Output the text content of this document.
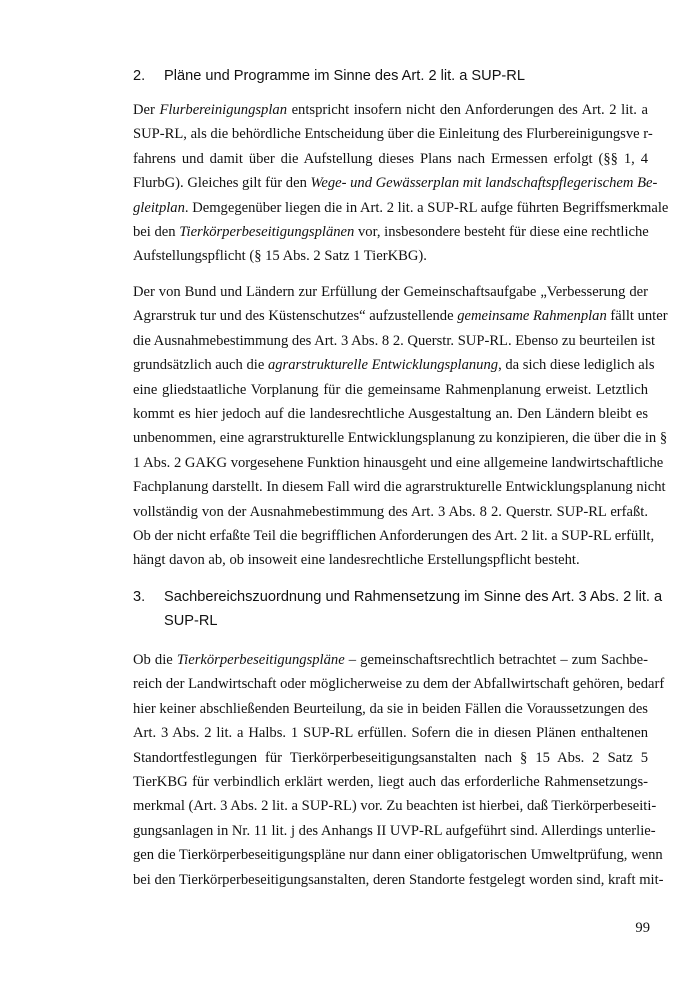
2. Pläne und Programme im Sinne des Art. 2 lit. a SUP-RL
Der Flurbereinigungsplan entspricht insofern nicht den Anforderungen des Art. 2 lit. a
SUP-RL, als die behördliche Entscheidung über die Einleitung des Flurbereinigungsve r-
fahrens und damit über die Aufstellung dieses Plans nach Ermessen erfolgt (§§ 1, 4
FlurbG). Gleiches gilt für den Wege- und Gewässerplan mit landschaftspflegerischem Be-
gleitplan. Demgegenüber liegen die in Art. 2 lit. a SUP-RL aufge führten Begriffsmerkmale
bei den Tierkörperbeseitigungsplänen vor, insbesondere besteht für diese eine rechtliche
Aufstellungspflicht (§ 15 Abs. 2 Satz 1 TierKBG).
Der von Bund und Ländern zur Erfüllung der Gemeinschaftsaufgabe „Verbesserung der
Agrarstruk tur und des Küstenschutzes“ aufzustellende gemeinsame Rahmenplan fällt unter
die Ausnahmebestimmung des Art. 3 Abs. 8 2. Querstr. SUP-RL. Ebenso zu beurteilen ist
grundsätzlich auch die agrarstrukturelle Entwicklungsplanung, da sich diese lediglich als
eine gliedstaatliche Vorplanung für die gemeinsame Rahmenplanung erweist. Letztlich
kommt es hier jedoch auf die landesrechtliche Ausgestaltung an. Den Ländern bleibt es
unbenommen, eine agrarstrukturelle Entwicklungsplanung zu konzipieren, die über die in §
1 Abs. 2 GAKG vorgesehene Funktion hinausgeht und eine allgemeine landwirtschaftliche
Fachplanung darstellt. In diesem Fall wird die agrarstrukturelle Entwicklungsplanung nicht
vollständig von der Ausnahmebestimmung des Art. 3 Abs. 8 2. Querstr. SUP-RL erfaßt.
Ob der nicht erfaßte Teil die begrifflichen Anforderungen des Art. 2 lit. a SUP-RL erfüllt,
hängt davon ab, ob insoweit eine landesrechtliche Erstellungspflicht besteht.
3. Sachbereichszuordnung und Rahmensetzung im Sinne des Art. 3 Abs. 2 lit. a
SUP-RL
Ob die Tierkörperbeseitigungspläne – gemeinschaftsrechtlich betrachtet – zum Sachbe-
reich der Landwirtschaft oder möglicherweise zu dem der Abfallwirtschaft gehören, bedarf
hier keiner abschließenden Beurteilung, da sie in beiden Fällen die Voraussetzungen des
Art. 3 Abs. 2 lit. a Halbs. 1 SUP-RL erfüllen. Sofern die in diesen Plänen enthaltenen
Standortfestlegungen für Tierkörperbeseitigungsanstalten nach § 15 Abs. 2 Satz 5
TierKBG für verbindlich erklärt werden, liegt auch das erforderliche Rahmensetzungs-
merkmal (Art. 3 Abs. 2 lit. a SUP-RL) vor. Zu beachten ist hierbei, daß Tierkörperbeseiti-
gungsanlagen in Nr. 11 lit. j des Anhangs II UVP-RL aufgeführt sind. Allerdings unterlie-
gen die Tierkörperbeseitigungspläne nur dann einer obligatorischen Umweltprüfung, wenn
bei den Tierkörperbeseitigungsanstalten, deren Standorte festgelegt worden sind, kraft mit-
99
